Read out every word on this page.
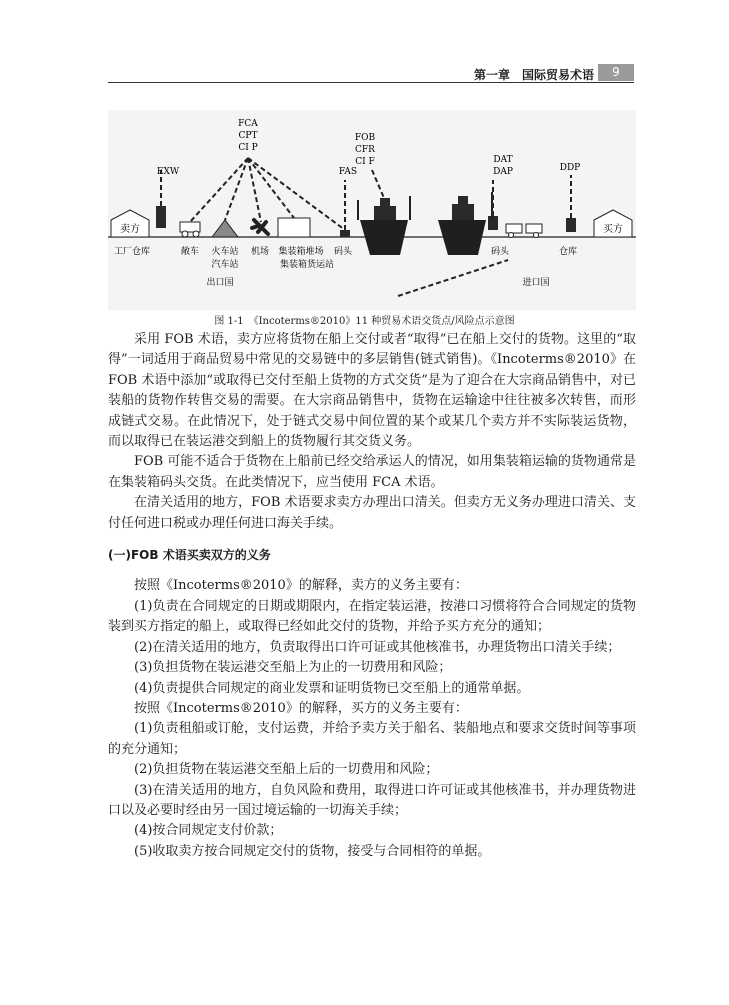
第一章　国际贸易术语	9
卖方	买方
EXW
FCA
CPT
CI P
FAS
FOB
CFR
CI F	DAT
DAP	DDP
工厂仓库	敞车 火车站
汽车站
机场 集装箱堆场
集装箱货运站
码头	码头	仓库
出口国	进口国
图 1-1　《Incoterms®2010》11 种贸易术语交货点/风险点示意图

采用 FOB 术语，卖方应将货物在船上交付或者“取得”已在船上交付的货物。这里的“取得”一词适用于商品贸易中常见的交易链中的多层销售(链式销售)。《Incoterms®2010》在 FOB 术语中添加“或取得已交付至船上货物的方式交货”是为了迎合在大宗商品销售中，对已装船的货物作转售交易的需要。在大宗商品销售中，货物在运输途中往往被多次转售，而形成链式交易。在此情况下，处于链式交易中间位置的某个或某几个卖方并不实际装运货物，而以取得已在装运港交到船上的货物履行其交货义务。

FOB 可能不适合于货物在上船前已经交给承运人的情况，如用集装箱运输的货物通常是在集装箱码头交货。在此类情况下，应当使用 FCA 术语。

在清关适用的地方，FOB 术语要求卖方办理出口清关。但卖方无义务办理进口清关、支付任何进口税或办理任何进口海关手续。

(一)FOB 术语买卖双方的义务

按照《Incoterms®2010》的解释，卖方的义务主要有：

(1)负责在合同规定的日期或期限内，在指定装运港，按港口习惯将符合合同规定的货物装到买方指定的船上，或取得已经如此交付的货物，并给予买方充分的通知；

(2)在清关适用的地方，负责取得出口许可证或其他核准书，办理货物出口清关手续；

(3)负担货物在装运港交至船上为止的一切费用和风险；

(4)负责提供合同规定的商业发票和证明货物已交至船上的通常单据。

按照《Incoterms®2010》的解释，买方的义务主要有：

(1)负责租船或订舱，支付运费，并给予卖方关于船名、装船地点和要求交货时间等事项的充分通知；

(2)负担货物在装运港交至船上后的一切费用和风险；

(3)在清关适用的地方，自负风险和费用，取得进口许可证或其他核准书，并办理货物进口以及必要时经由另一国过境运输的一切海关手续；

(4)按合同规定支付价款；

(5)收取卖方按合同规定交付的货物，接受与合同相符的单据。
